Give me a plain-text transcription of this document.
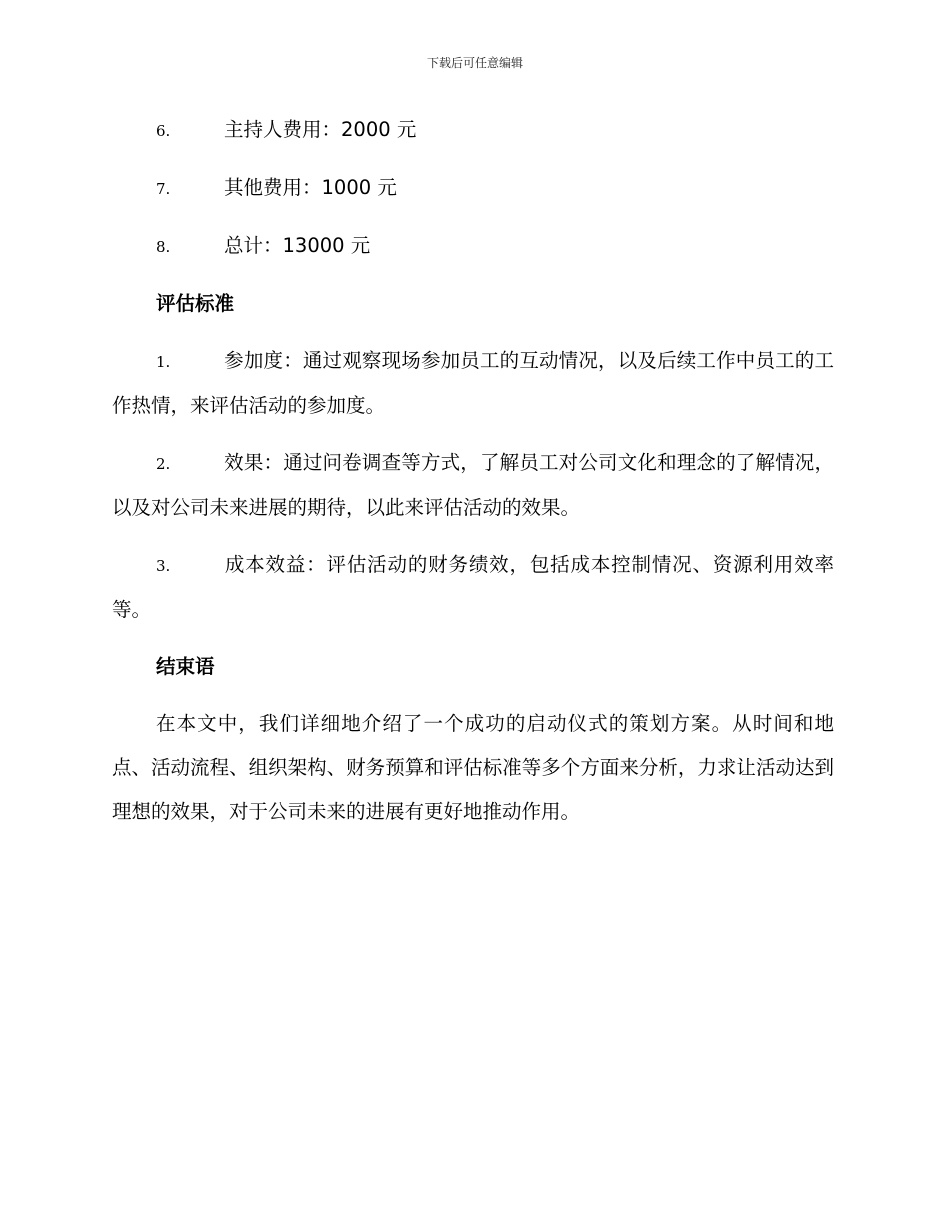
下载后可任意编辑
6.	主持人费用：2000 元
7.	其他费用：1000 元
8.	总计：13000 元
评估标准
1.	参加度：通过观察现场参加员工的互动情况，以及后续工作中员工的工作热情，来评估活动的参加度。
2.	效果：通过问卷调查等方式，了解员工对公司文化和理念的了解情况，以及对公司未来进展的期待，以此来评估活动的效果。
3.	成本效益：评估活动的财务绩效，包括成本控制情况、资源利用效率等。
结束语

在本文中，我们详细地介绍了一个成功的启动仪式的策划方案。从时间和地点、活动流程、组织架构、财务预算和评估标准等多个方面来分析，力求让活动达到理想的效果，对于公司未来的进展有更好地推动作用。
